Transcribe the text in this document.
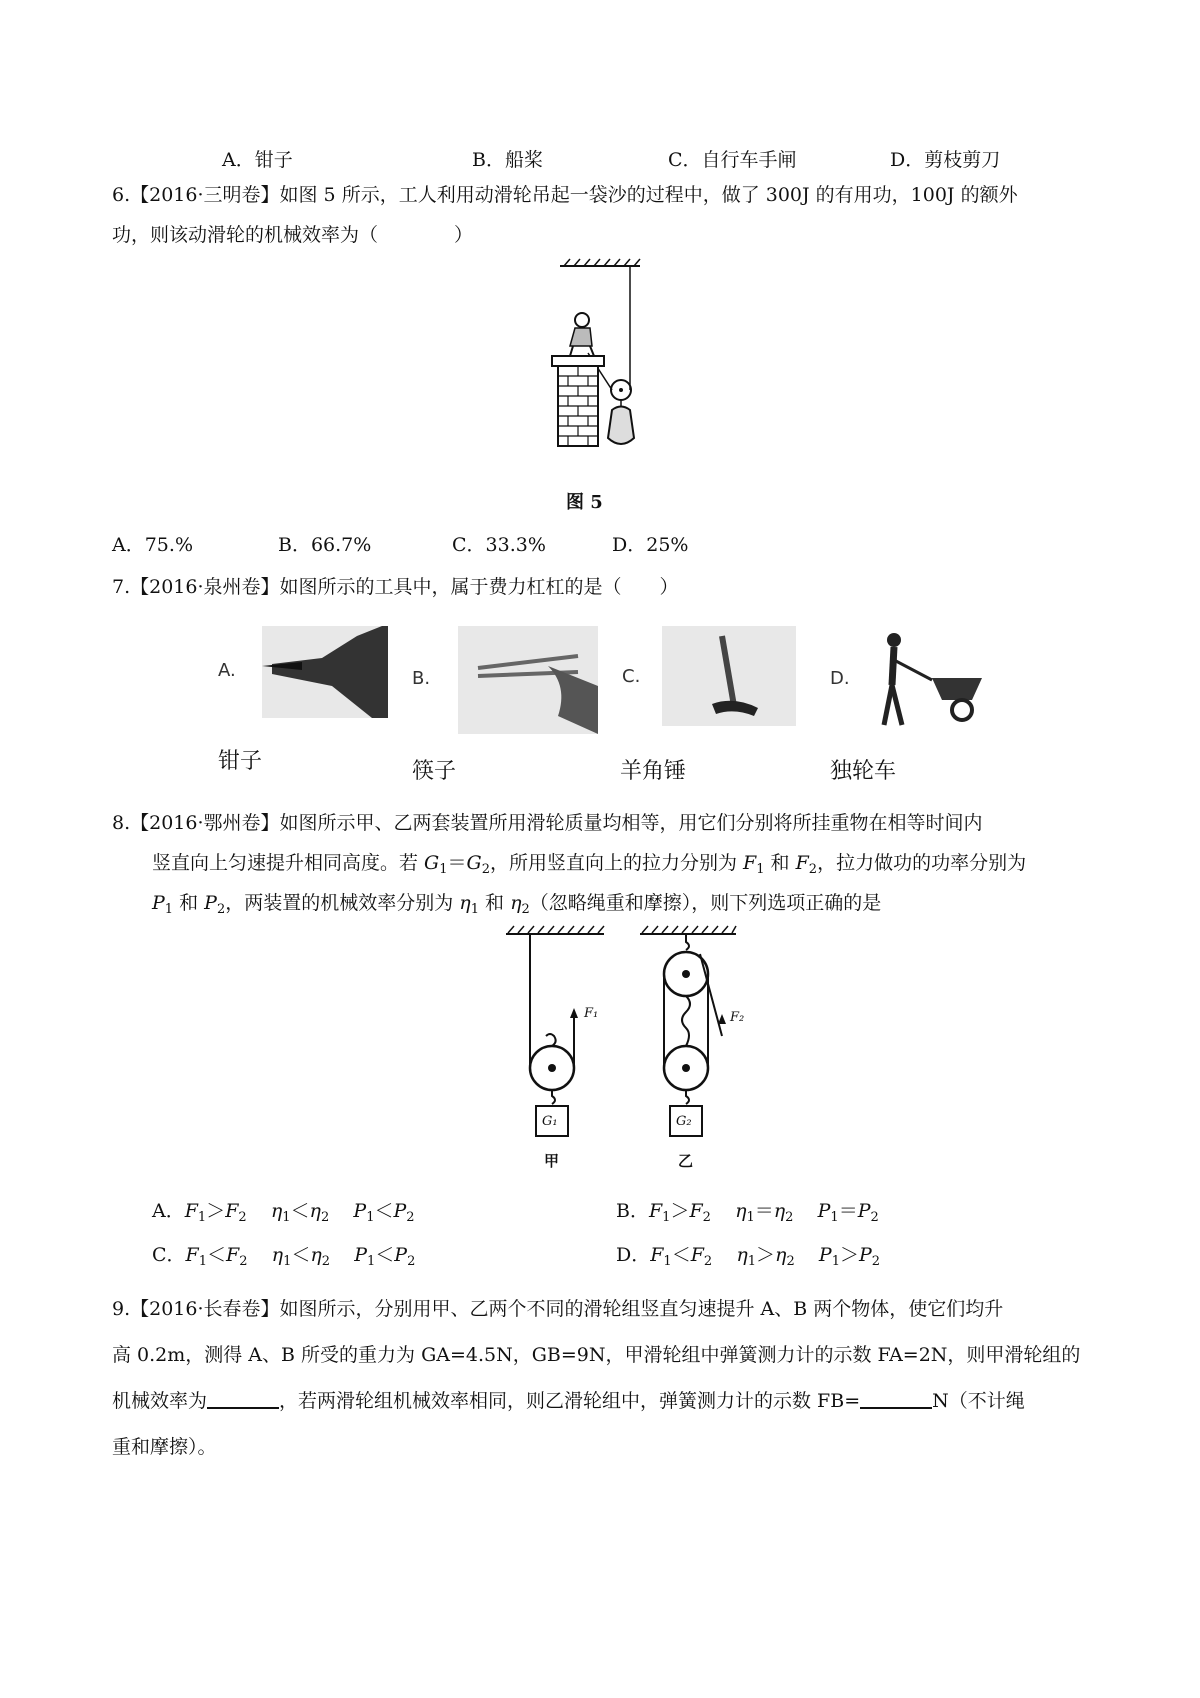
A．钳子	B．船桨	C．自行车手闸	D．剪枝剪刀
6.【2016·三明卷】如图 5 所示，工人利用动滑轮吊起一袋沙的过程中，做了 300J 的有用功，100J 的额外
功，则该动滑轮的机械效率为（　　　　）
图 5
A．75.%	B．66.7%	C．33.3%	D．25%
7.【2016·泉州卷】如图所示的工具中，属于费力杠杠的是（　　）
A.	B.	C.	D.
钳子	筷子	羊角锤	独轮车
8.【2016·鄂州卷】如图所示甲、乙两套装置所用滑轮质量均相等，用它们分别将所挂重物在相等时间内
竖直向上匀速提升相同高度。若 $G_1=G_2$，所用竖直向上的拉力分别为 $F_1$ 和 $F_2$，拉力做功的功率分别为
$P_1$ 和 $P_2$，两装置的机械效率分别为 $\eta_1$ 和 $\eta_2$（忽略绳重和摩擦），则下列选项正确的是
F₁	F₂
G₁	G₂
甲	乙
A．$F_1>F_2$ $\eta_1<\eta_2$ $P_1<P_2$	B．$F_1>F_2$ $\eta_1=\eta_2$ $P_1=P_2$
C．$F_1<F_2$ $\eta_1<\eta_2$ $P_1<P_2$	D．$F_1<F_2$ $\eta_1>\eta_2$ $P_1>P_2$
9.【2016·长春卷】如图所示，分别用甲、乙两个不同的滑轮组竖直匀速提升 A、B 两个物体，使它们均升
高 0.2m，测得 A、B 所受的重力为 GA=4.5N，GB=9N，甲滑轮组中弹簧测力计的示数 FA=2N，则甲滑轮组的
机械效率为	，若两滑轮组机械效率相同，则乙滑轮组中，弹簧测力计的示数 FB=	N（不计绳
重和摩擦）。
